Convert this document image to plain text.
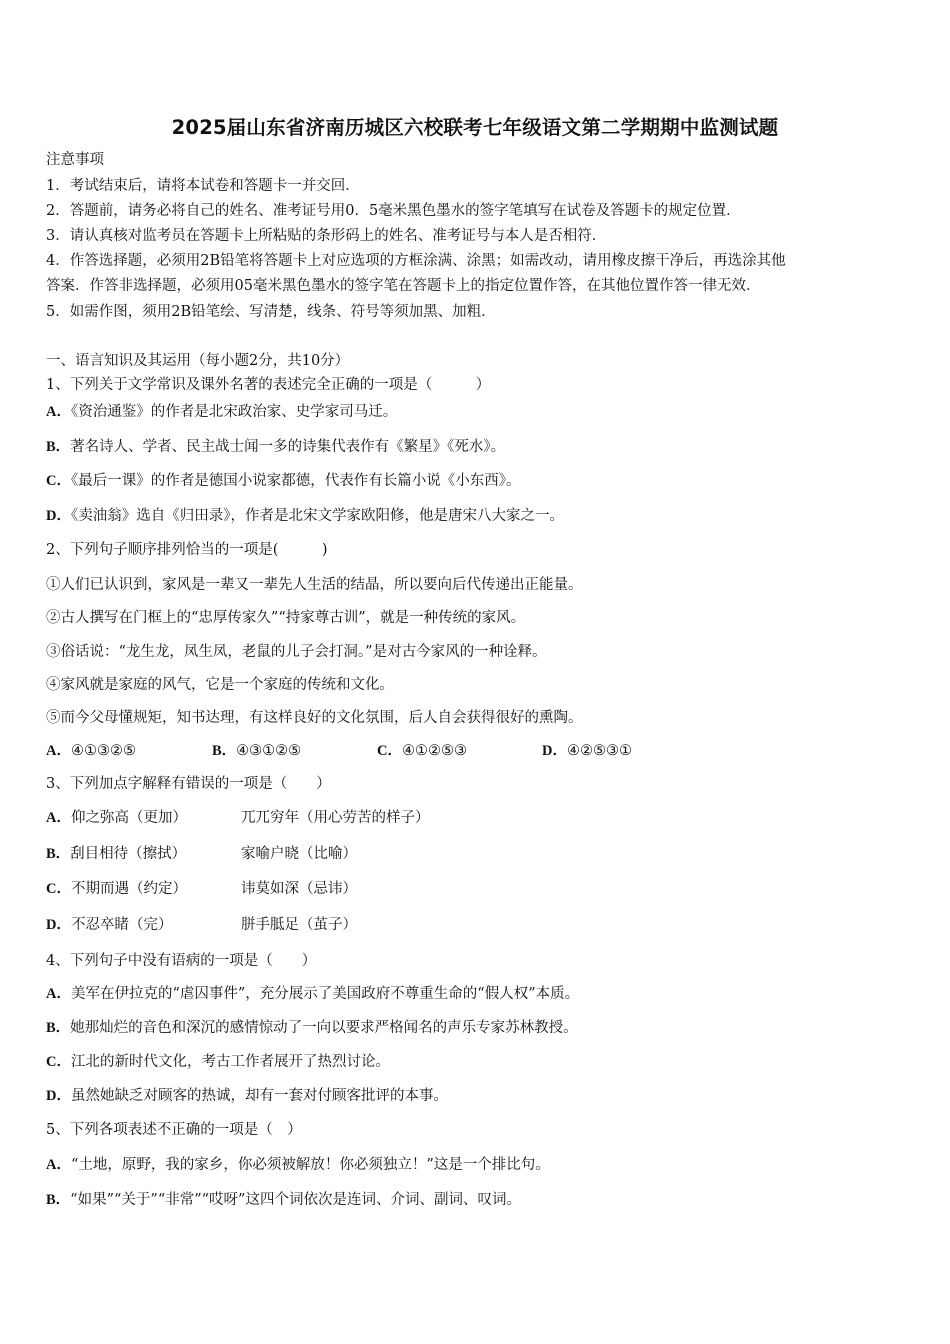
2025届山东省济南历城区六校联考七年级语文第二学期期中监测试题
注意事项
1．考试结束后，请将本试卷和答题卡一并交回．
2．答题前，请务必将自己的姓名、准考证号用0．5毫米黑色墨水的签字笔填写在试卷及答题卡的规定位置．
3．请认真核对监考员在答题卡上所粘贴的条形码上的姓名、准考证号与本人是否相符．
4．作答选择题，必须用2B铅笔将答题卡上对应选项的方框涂满、涂黑；如需改动，请用橡皮擦干净后，再选涂其他
答案．作答非选择题，必须用05毫米黑色墨水的签字笔在答题卡上的指定位置作答，在其他位置作答一律无效．
5．如需作图，须用2B铅笔绘、写清楚，线条、符号等须加黑、加粗．
一、语言知识及其运用（每小题2分，共10分）
1、下列关于文学常识及课外名著的表述完全正确的一项是（　　　）
A．《资治通鉴》的作者是北宋政治家、史学家司马迁。
B．著名诗人、学者、民主战士闻一多的诗集代表作有《繁星》《死水》。
C．《最后一课》的作者是德国小说家都德，代表作有长篇小说《小东西》。
D．《卖油翁》选自《归田录》，作者是北宋文学家欧阳修，他是唐宋八大家之一。
2、下列句子顺序排列恰当的一项是(　　　)
①人们已认识到，家风是一辈又一辈先人生活的结晶，所以要向后代传递出正能量。
②古人撰写在门框上的“忠厚传家久”“持家尊古训”，就是一种传统的家风。
③俗话说：“龙生龙，凤生凤，老鼠的儿子会打洞。”是对古今家风的一种诠释。
④家风就是家庭的风气，它是一个家庭的传统和文化。
⑤而今父母懂规矩，知书达理，有这样良好的文化氛围，后人自会获得很好的熏陶。
A．④①③②⑤	B．④③①②⑤	C．④①②⑤③	D．④②⑤③①
3、下列加点字解释有错误的一项是（　　）
A．仰之弥高（更加）	兀兀穷年（用心劳苦的样子）
B．刮目相待（擦拭）	家喻户晓（比喻）
C．不期而遇（约定）	讳莫如深（忌讳）
D．不忍卒睹（完）	胼手胝足（茧子）
4、下列句子中没有语病的一项是（　　）
A．美军在伊拉克的“虐囚事件”，充分展示了美国政府不尊重生命的“假人权”本质。
B．她那灿烂的音色和深沉的感情惊动了一向以要求严格闻名的声乐专家苏林教授。
C．江北的新时代文化，考古工作者展开了热烈讨论。
D．虽然她缺乏对顾客的热诚，却有一套对付顾客批评的本事。
5、下列各项表述不正确的一项是（　）
A．“土地，原野，我的家乡，你必须被解放！你必须独立！”这是一个排比句。
B．“如果”“关于”“非常”“哎呀”这四个词依次是连词、介词、副词、叹词。
